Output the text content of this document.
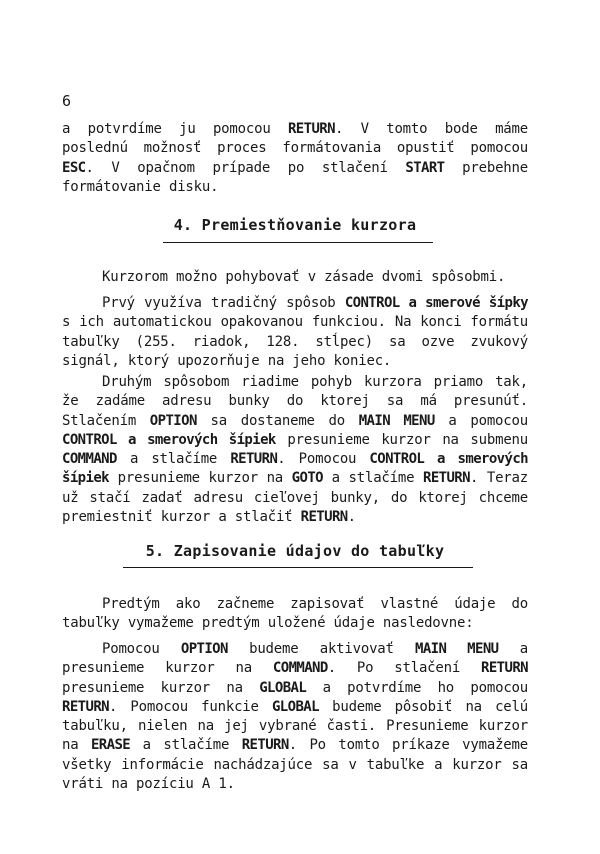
6

a potvrdíme ju pomocou RETURN. V tomto bode máme poslednú možnosť proces formátovania opustiť pomocou ESC. V opačnom prípade po stlačení START prebehne formátovanie disku.

4. Premiestňovanie kurzora

Kurzorom možno pohybovať v zásade dvomi spôsobmi.

Prvý využíva tradičný spôsob CONTROL a smerové šípky s ich automatickou opakovanou funkciou. Na konci formátu tabuľky (255. riadok, 128. stĺpec) sa ozve zvukový signál, ktorý upozorňuje na jeho koniec.

Druhým spôsobom riadime pohyb kurzora priamo tak, že zadáme adresu bunky do ktorej sa má presunúť. Stlačením OPTION sa dostaneme do MAIN MENU a pomocou CONTROL a smerových šípiek presunieme kurzor na submenu COMMAND a stlačíme RETURN. Pomocou CONTROL a smerových šípiek presunieme kurzor na GOTO a stlačíme RETURN. Teraz už stačí zadať adresu cieľovej bunky, do ktorej chceme premiestniť kurzor a stlačiť RETURN.

5. Zapisovanie údajov do tabuľky

Predtým ako začneme zapisovať vlastné údaje do tabuľky vymažeme predtým uložené údaje nasledovne:

Pomocou OPTION budeme aktivovať MAIN MENU a presunieme kurzor na COMMAND. Po stlačení RETURN presunieme kurzor na GLOBAL a potvrdíme ho pomocou RETURN. Pomocou funkcie GLOBAL budeme pôsobiť na celú tabuľku, nielen na jej vybrané časti. Presunieme kurzor na ERASE a stlačíme RETURN. Po tomto príkaze vymažeme všetky informácie nachádzajúce sa v tabuľke a kurzor sa vráti na pozíciu A 1.
